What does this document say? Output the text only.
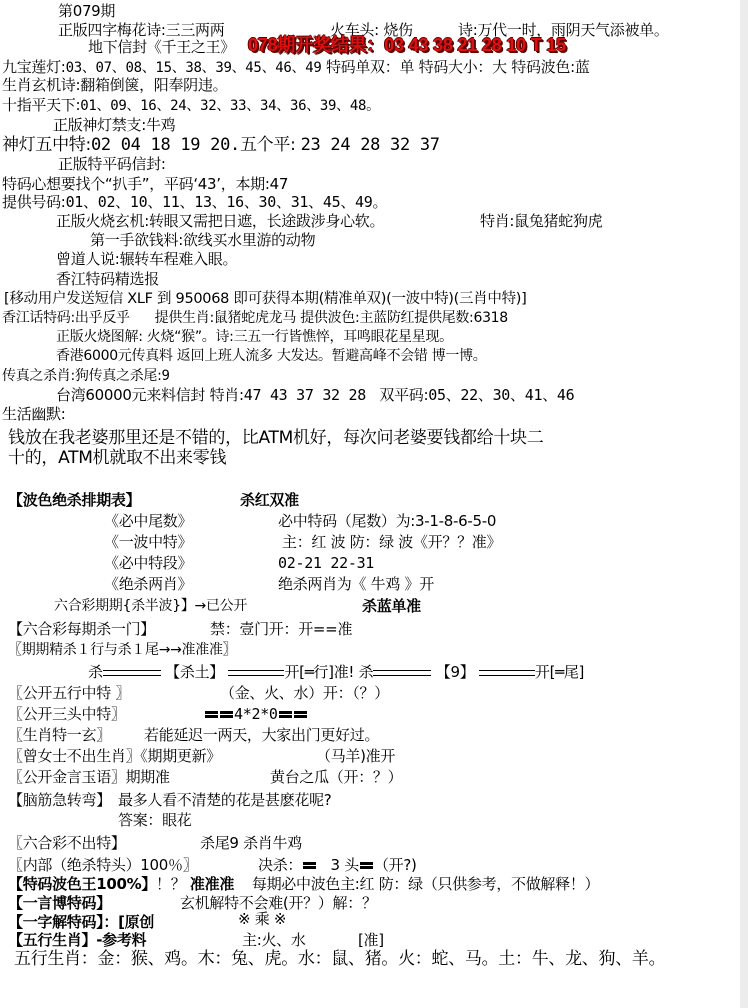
第079期
正版四字梅花诗:三三两两	火车头: 烧伤	诗:万代一时，雨阴天气添被单。
地下信封《千王之王》 078期开奖结果：03 43 38 21 28 10 T 15
九宝莲灯:03、07、08、15、38、39、45、46、49 特码单双：单 特码大小：大 特码波色:蓝
生肖玄机诗:翻箱倒箧，阳奉阴违。
十指平天下:01、09、16、24、32、33、34、36、39、48。
正版神灯禁支:牛鸡
神灯五中特:02 04 18 19 20.五个平: 23 24 28 32 37
正版特平码信封:
特码心想要找个“扒手”，平码‘43’，本期:47
提供号码:01、02、10、11、13、16、30、31、45、49。
正版火烧玄机:转眼又需把日遮，长途跋涉身心软。	特肖:鼠兔猪蛇狗虎
第一手欲钱料:欲线买水里游的动物
曾道人说:辗转车程难入眼。
香江特码精选报
[移动用户发送短信 XLF 到 950068 即可获得本期(精准单双)(一波中特)(三肖中特)]
香江话特码:出乎反乎 提供生肖:鼠猪蛇虎龙马 提供波色:主蓝防红提供尾数:6318
正版火烧图解: 火烧“猴”。诗:三五一行皆憔悴，耳鸣眼花星星现。
香港6000元传真料 返回上班人流多 大发达。暂避高峰不会错 博一博。
传真之杀肖:狗传真之杀尾:9
台湾60000元来料信封 特肖:47 43 37 32 28 双平码:05、22、30、41、46
生活幽默:
钱放在我老婆那里还是不错的，比ATM机好，每次问老婆要钱都给十块二
十的，ATM机就取不出来零钱
【波色绝杀排期表】	杀红双准
《必中尾数》	必中特码（尾数）为:3-1-8-6-5-0
《一波中特》	主：红 波 防：绿 波《开？？准》
《必中特段》	02-21 22-31
《绝杀两肖》	绝杀两肖为《 牛鸡 》开
六合彩期期{杀半波}】→已公开	杀蓝单准
【六合彩每期杀一门】	禁：壹门开：开==准
〖期期精杀１行与杀１尾→→准准准〗
杀	【杀土】	开[═行]准! 杀	【9】	开[═尾]
〖公开五行中特 〗	（金、火、水）开：（？）
〖公开三头中特〗	4*2*0
〖生肖特一玄〗 若能延迟一两天，大家出门更好过。
〖曾女士不出生肖〗《期期更新》	（马羊)准开
〖公开金言玉语〗期期准	黄台之瓜（开：？）
【脑筋急转弯】 最多人看不清楚的花是甚麽花呢?
答案：眼花
〖六合彩不出特】	杀尾9 杀肖牛鸡
〖内部（绝杀特头）100％〗	决杀： 3 头 （开?)
【特码波色王100%】！？ 准准准 每期必中波色主:红 防：绿（只供参考，不做解释！）
【一言博特码】	玄机解特不会难(开？）解：？
【一字解特码】：[原创	※ 乘 ※
【五行生肖】-参考料	主:火、水	[准]
五行生肖：金：猴、鸡。木：兔、虎。水：鼠、猪。火：蛇、马。土：牛、龙、狗、羊。
